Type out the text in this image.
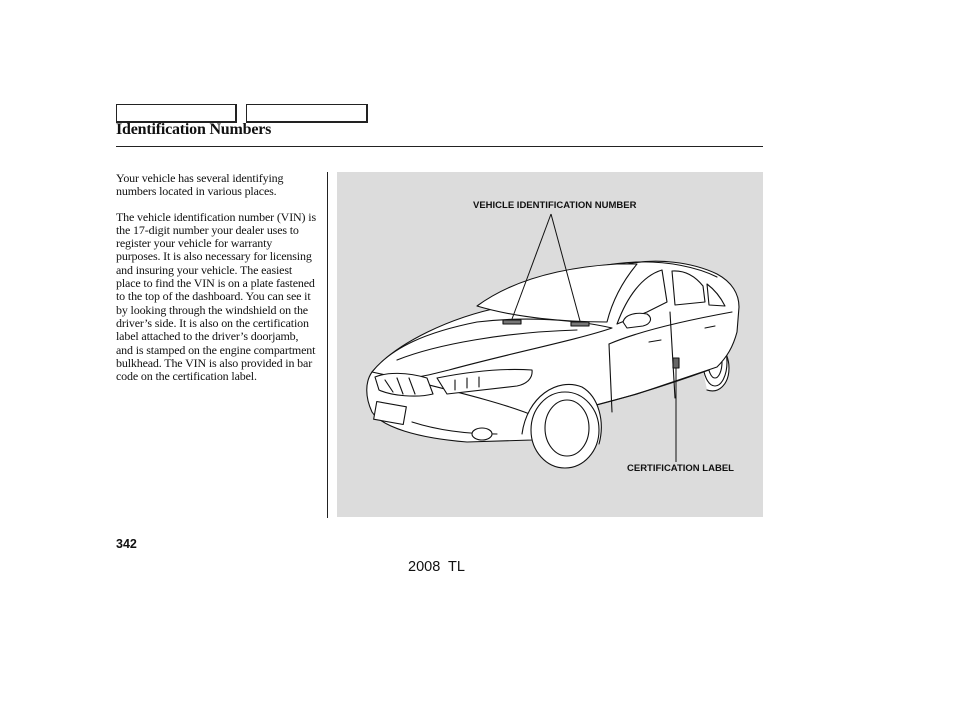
Identification Numbers

Your vehicle has several identifying numbers located in various places.

The vehicle identification number (VIN) is the 17-digit number your dealer uses to register your vehicle for warranty purposes. It is also necessary for licensing and insuring your vehicle. The easiest place to find the VIN is on a plate fastened to the top of the dashboard. You can see it by looking through the windshield on the driver’s side. It is also on the certification label attached to the driver’s doorjamb, and is stamped on the engine compartment bulkhead. The VIN is also provided in bar code on the certification label.

VEHICLE IDENTIFICATION NUMBER
CERTIFICATION LABEL
342
2008 TL
